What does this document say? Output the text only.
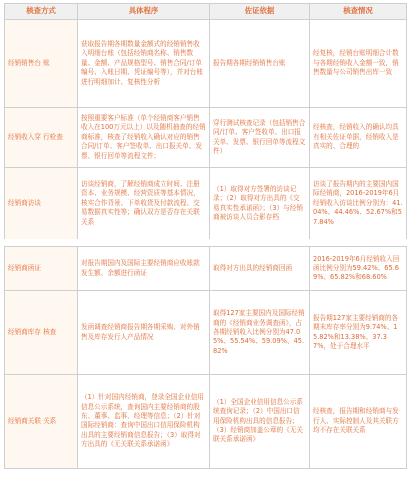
核查方式	具体程序	佐证依据	核查情况
经销销售台 账	获取报告期各期数量金额式的经销销售收入明细台账（包括经销商名称、销售数量、金额、产品规格型号、销售合同/订单编号、入账日期、凭证编号等），并对台账进行明细加计、复核性分析	报告期各期经销销售台账	经复核，经销台账明细合计数与各期经销收入金额一致，销售数量与公司销售出库一致
经销收入穿 行检查	按照重要客户标准（单个经销商客户销售收入在100万元以上）以及随机抽查的经销商标准，核查了经销收入确认对应的销售合同/订单、客户签收单、出口报关单、发票、银行回单等流程文件；	穿行测试核查记录（包括销售合同/订单、客户签收单、出口报关单、发票、银行回单等流程文件）	经核查，经销收入的确认均具有相关佐证单据，经销收入是真实的、合理的
经销商访谈	访谈经销商，了解经销商成立时间、注册资本、业务规模、经营资质等基本情况，核实合作背景、下单收货及付款流程、交易数据真实性等；确认双方是否存在关联关系	（1）取得对方签署的访谈记录；（2）取得对方出具的《交易真实性承诺函》；（3）与经销商被访谈人员合影存档	访谈了报告期内的主要国内国际经销商，2016-2019年6月经销收入访谈比例分别为：41.04%、44.46%、52.67%和57.84%
经销商函证	对报告期国内及国际主要经销商应收账款发生额、余额进行函证	取得对方出具的经销商回函	2016-2019年6月经销收入回函比例分别为59.42%、65.69%、65.82%和68.60%
经销商库存 核查	发函调查经销商报告期各期采购、对外销售及库存发行人产品情况	取得127家主要国内及国际经销商的《经销商业务调查函》，占各期经销收入比例分别为47.05%、55.54%、59.09%、45.82%	报告期127家主要经销商的各期末库存率分别为9.74%、15.82%和13.38%、37.37%，处于合理水平
经销商关联 关系	（1）针对国内经销商，登录全国企业信用信息公示系统，查询国内主要经销商的股东、董事、监事、经理等信息；（2）针对国际经销商：查询中国出口信用保险机构出具的主要经销商信息报告；（3）取得对方出具的《无关联关系承诺函》	（1）全国企业信用信息公示系统查询记录；（2）中国出口信用保险机构出具的信息报告；（3）经销商加盖公章的《无关联关系承诺函》	经核查，报告期和经销商与发行人、实际控制人及其关联方均不存在关联关系
